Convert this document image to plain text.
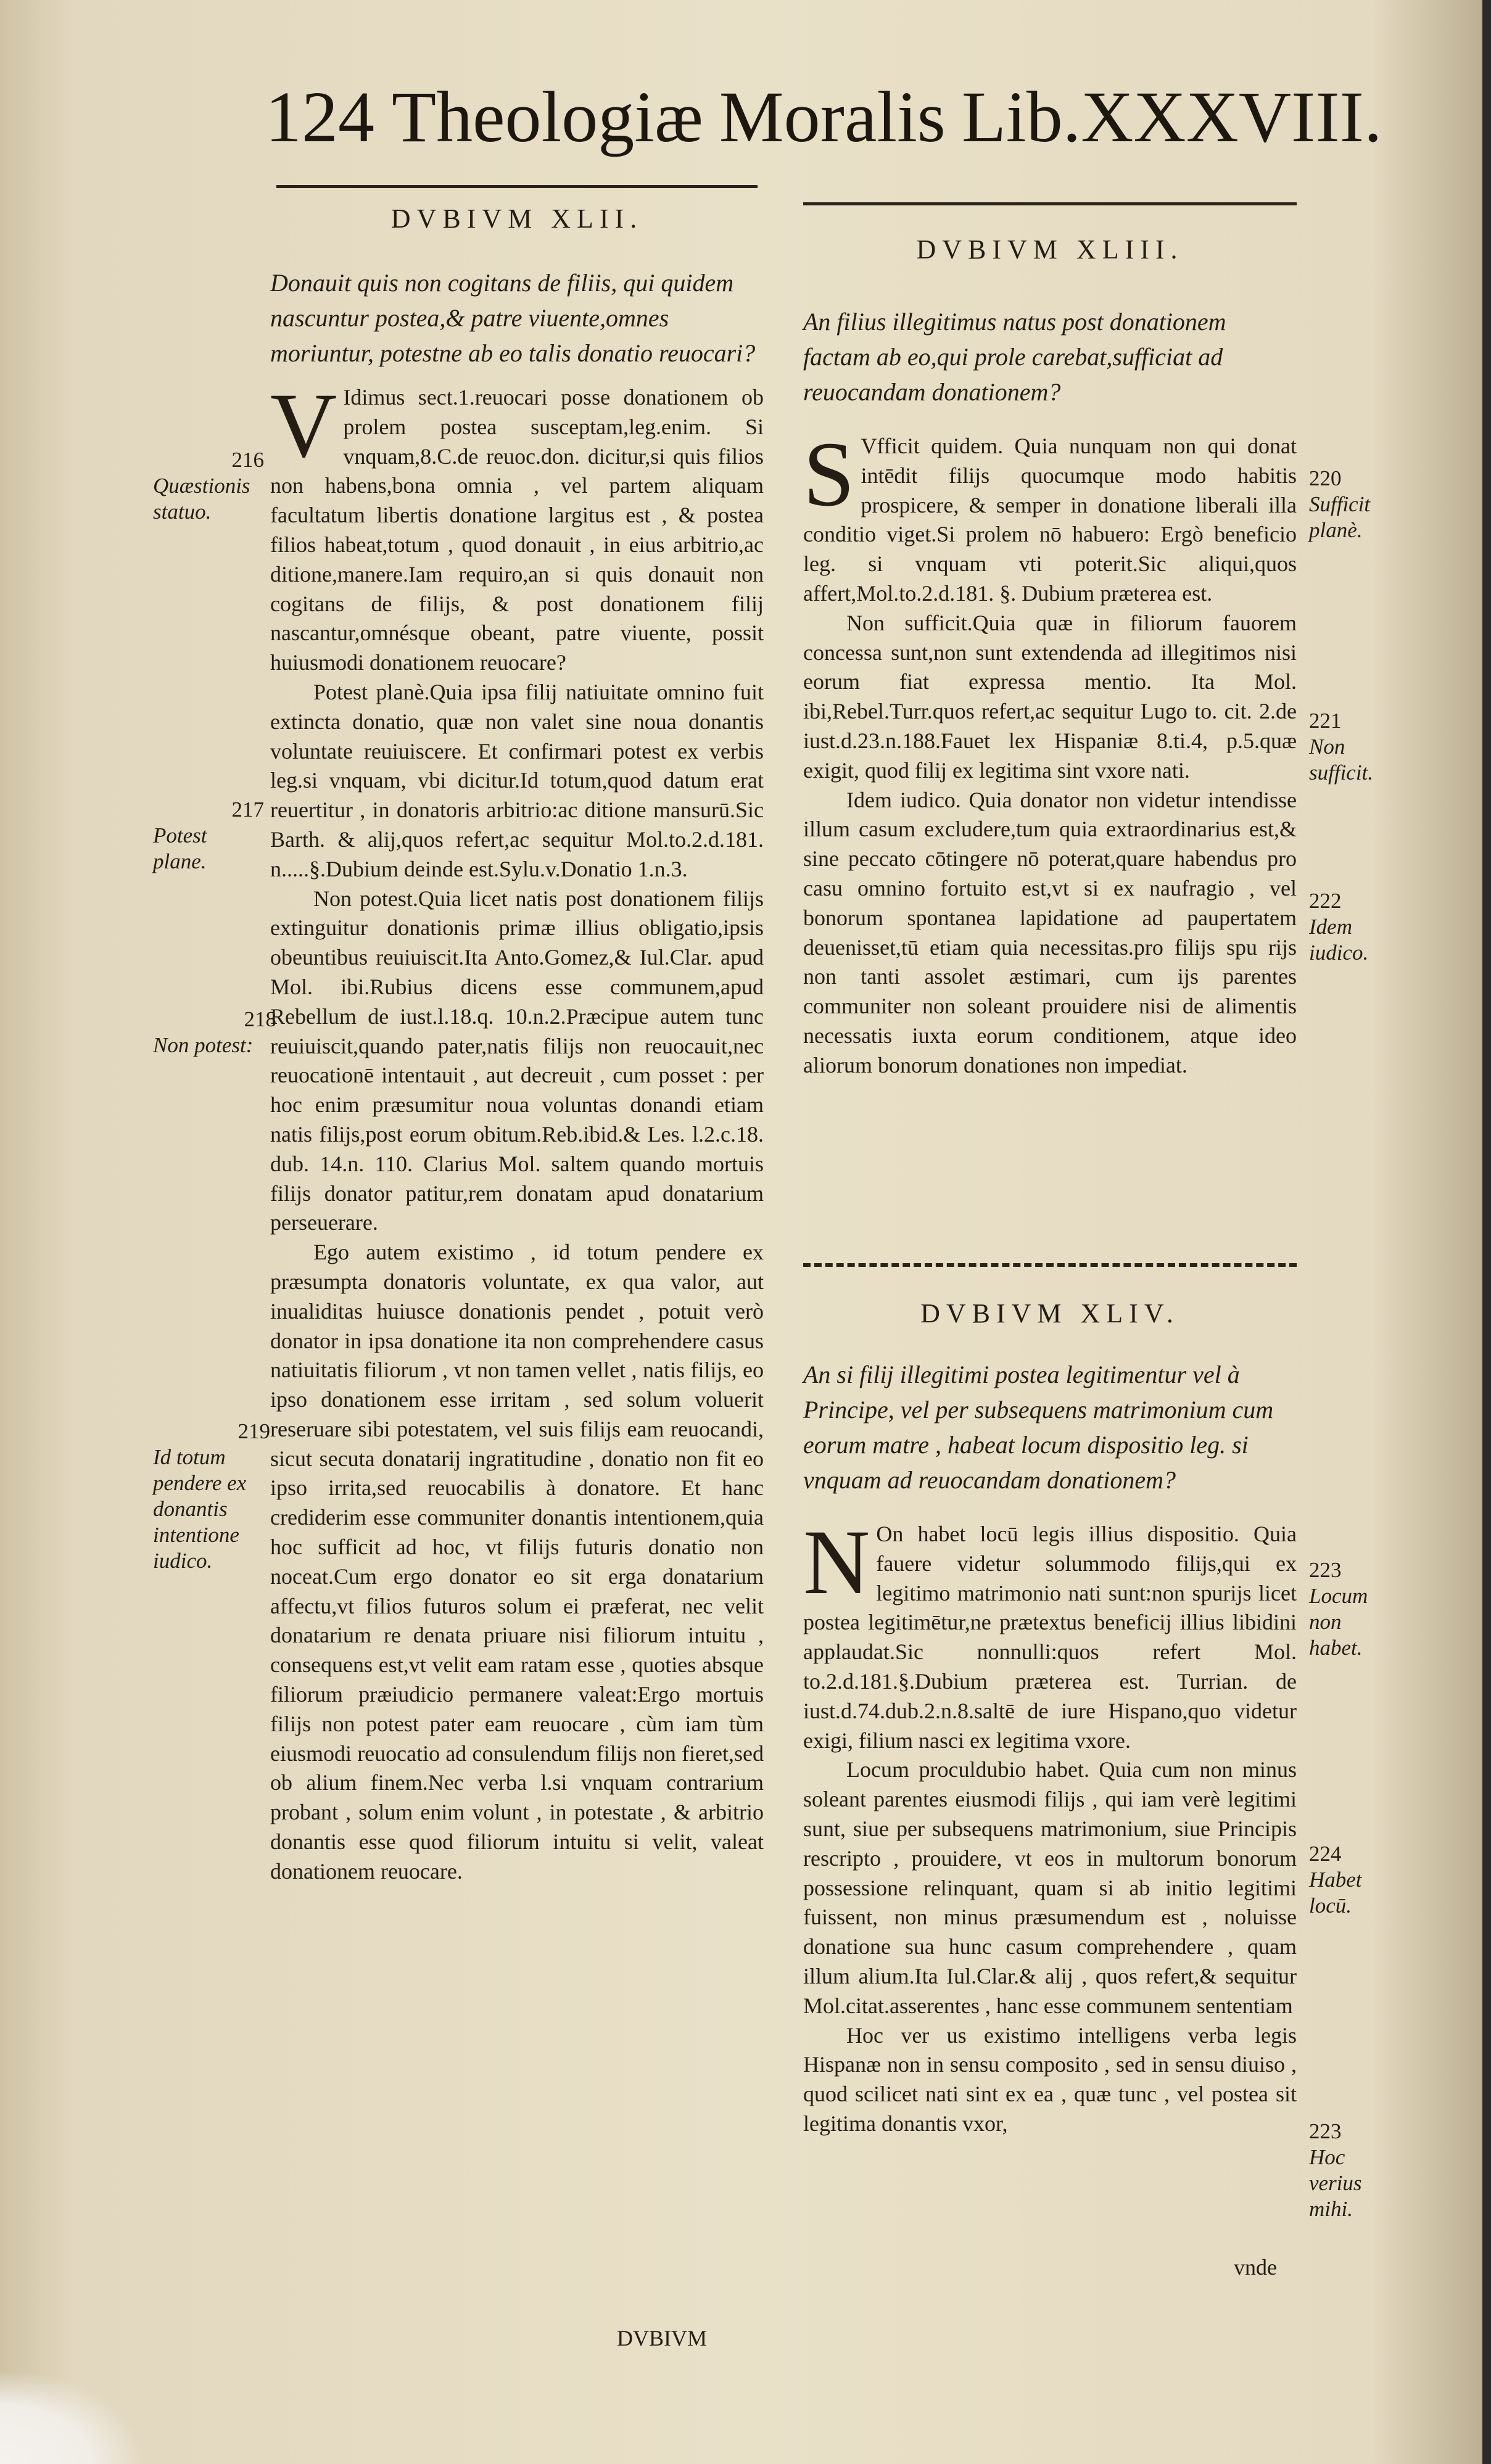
124 Theologiæ Moralis Lib.XXXVIII.
DVBIVM XLII.
Donauit quis non cogitans de filiis, qui quidem nascuntur postea,& patre viuente,omnes moriuntur, potestne ab eo talis donatio reuocari?

V Idimus sect.1.reuocari posse donationem ob prolem postea susceptam,leg.enim. Si vnquam,8.C.de reuoc.don. dicitur,si quis filios non habens,bona omnia , vel partem aliquam facultatum libertis donatione largitus est , & postea filios habeat,totum , quod donauit , in eius arbitrio,ac ditione,manere.Iam requiro,an si quis donauit non cogitans de filijs, & post donationem filij nascantur,omnésque obeant, patre viuente, possit huiusmodi donationem reuocare?

Potest planè.Quia ipsa filij natiuitate omnino fuit extincta donatio, quæ non valet sine noua donantis voluntate reuiuiscere. Et confirmari potest ex verbis leg.si vnquam, vbi dicitur.Id totum,quod datum erat reuertitur , in donatoris arbitrio:ac ditione mansurū.Sic Barth. & alij,quos refert,ac sequitur Mol.to.2.d.181. n.....§.Dubium deinde est.Sylu.v.Donatio 1.n.3.

Non potest.Quia licet natis post donationem filijs extinguitur donationis primæ illius obligatio,ipsis obeuntibus reuiuiscit.Ita Anto.Gomez,& Iul.Clar. apud Mol. ibi.Rubius dicens esse communem,apud Rebellum de iust.l.18.q. 10.n.2.Præcipue autem tunc reuiuiscit,quando pater,natis filijs non reuocauit,nec reuocationē intentauit , aut decreuit , cum posset : per hoc enim præsumitur noua voluntas donandi etiam natis filijs,post eorum obitum.Reb.ibid.& Les. l.2.c.18. dub. 14.n. 110. Clarius Mol. saltem quando mortuis filijs donator patitur,rem donatam apud donatarium perseuerare.

Ego autem existimo , id totum pendere ex præsumpta donatoris voluntate, ex qua valor, aut inualiditas huiusce donationis pendet , potuit verò donator in ipsa donatione ita non comprehendere casus natiuitatis filiorum , vt non tamen vellet , natis filijs, eo ipso donationem esse irritam , sed solum voluerit reseruare sibi potestatem, vel suis filijs eam reuocandi, sicut secuta donatarij ingratitudine , donatio non fit eo ipso irrita,sed reuocabilis à donatore. Et hanc crediderim esse communiter donantis intentionem,quia hoc sufficit ad hoc, vt filijs futuris donatio non noceat.Cum ergo donator eo sit erga donatarium affectu,vt filios futuros solum ei præferat, nec velit donatarium re denata priuare nisi filiorum intuitu , consequens est,vt velit eam ratam esse , quoties absque filiorum præiudicio permanere valeat:Ergo mortuis filijs non potest pater eam reuocare , cùm iam tùm eiusmodi reuocatio ad consulendum filijs non fieret,sed ob alium finem.Nec verba l.si vnquam contrarium probant , solum enim volunt , in potestate , & arbitrio donantis esse quod filiorum intuitu si velit, valeat donationem reuocare.

216
Quæstionis statuo.
217
Potest plane.
218
Non potest:
219
Id totum pendere ex donantis intentione iudico.
DVBIVM XLIII.
An filius illegitimus natus post donationem factam ab eo,qui prole carebat,sufficiat ad reuocandam donationem?

S Vfficit quidem. Quia nunquam non qui donat intēdit filijs quocumque modo habitis prospicere, & semper in donatione liberali illa conditio viget.Si prolem nō habuero: Ergò beneficio leg. si vnquam vti poterit.Sic aliqui,quos affert,Mol.to.2.d.181. §. Dubium præterea est.

Non sufficit.Quia quæ in filiorum fauorem concessa sunt,non sunt extendenda ad illegitimos nisi eorum fiat expressa mentio. Ita Mol. ibi,Rebel.Turr.quos refert,ac sequitur Lugo to. cit. 2.de iust.d.23.n.188.Fauet lex Hispaniæ 8.ti.4, p.5.quæ exigit, quod filij ex legitima sint vxore nati.

Idem iudico. Quia donator non videtur intendisse illum casum excludere,tum quia extraordinarius est,& sine peccato cōtingere nō poterat,quare habendus pro casu omnino fortuito est,vt si ex naufragio , vel bonorum spontanea lapidatione ad paupertatem deuenisset,tū etiam quia necessitas.pro filijs spu rijs non tanti assolet æstimari, cum ijs parentes communiter non soleant prouidere nisi de alimentis necessatis iuxta eorum conditionem, atque ideo aliorum bonorum donationes non impediat.

DVBIVM XLIV.
An si filij illegitimi postea legitimentur vel à Principe, vel per subsequens matrimonium cum eorum matre , habeat locum dispositio leg. si vnquam ad reuocandam donationem?

N On habet locū legis illius dispositio. Quia fauere videtur solummodo filijs,qui ex legitimo matrimonio nati sunt:non spurijs licet postea legitimētur,ne prætextus beneficij illius libidini applaudat.Sic nonnulli:quos refert Mol. to.2.d.181.§.Dubium præterea est. Turrian. de iust.d.74.dub.2.n.8.saltē de iure Hispano,quo videtur exigi, filium nasci ex legitima vxore.

Locum proculdubio habet. Quia cum non minus soleant parentes eiusmodi filijs , qui iam verè legitimi sunt, siue per subsequens matrimonium, siue Principis rescripto , prouidere, vt eos in multorum bonorum possessione relinquant, quam si ab initio legitimi fuissent, non minus præsumendum est , noluisse donatione sua hunc casum comprehendere , quam illum alium.Ita Iul.Clar.& alij , quos refert,& sequitur Mol.citat.asserentes , hanc esse communem sententiam

Hoc ver us existimo intelligens verba legis Hispanæ non in sensu composito , sed in sensu diuiso , quod scilicet nati sint ex ea , quæ tunc , vel postea sit legitima donantis vxor,

vnde
220
Sufficit planè.
221
Non sufficit.
222
Idem iudico.
223
Locum non habet.
224
Habet locū.
223
Hoc verius mihi.
DVBIVM
